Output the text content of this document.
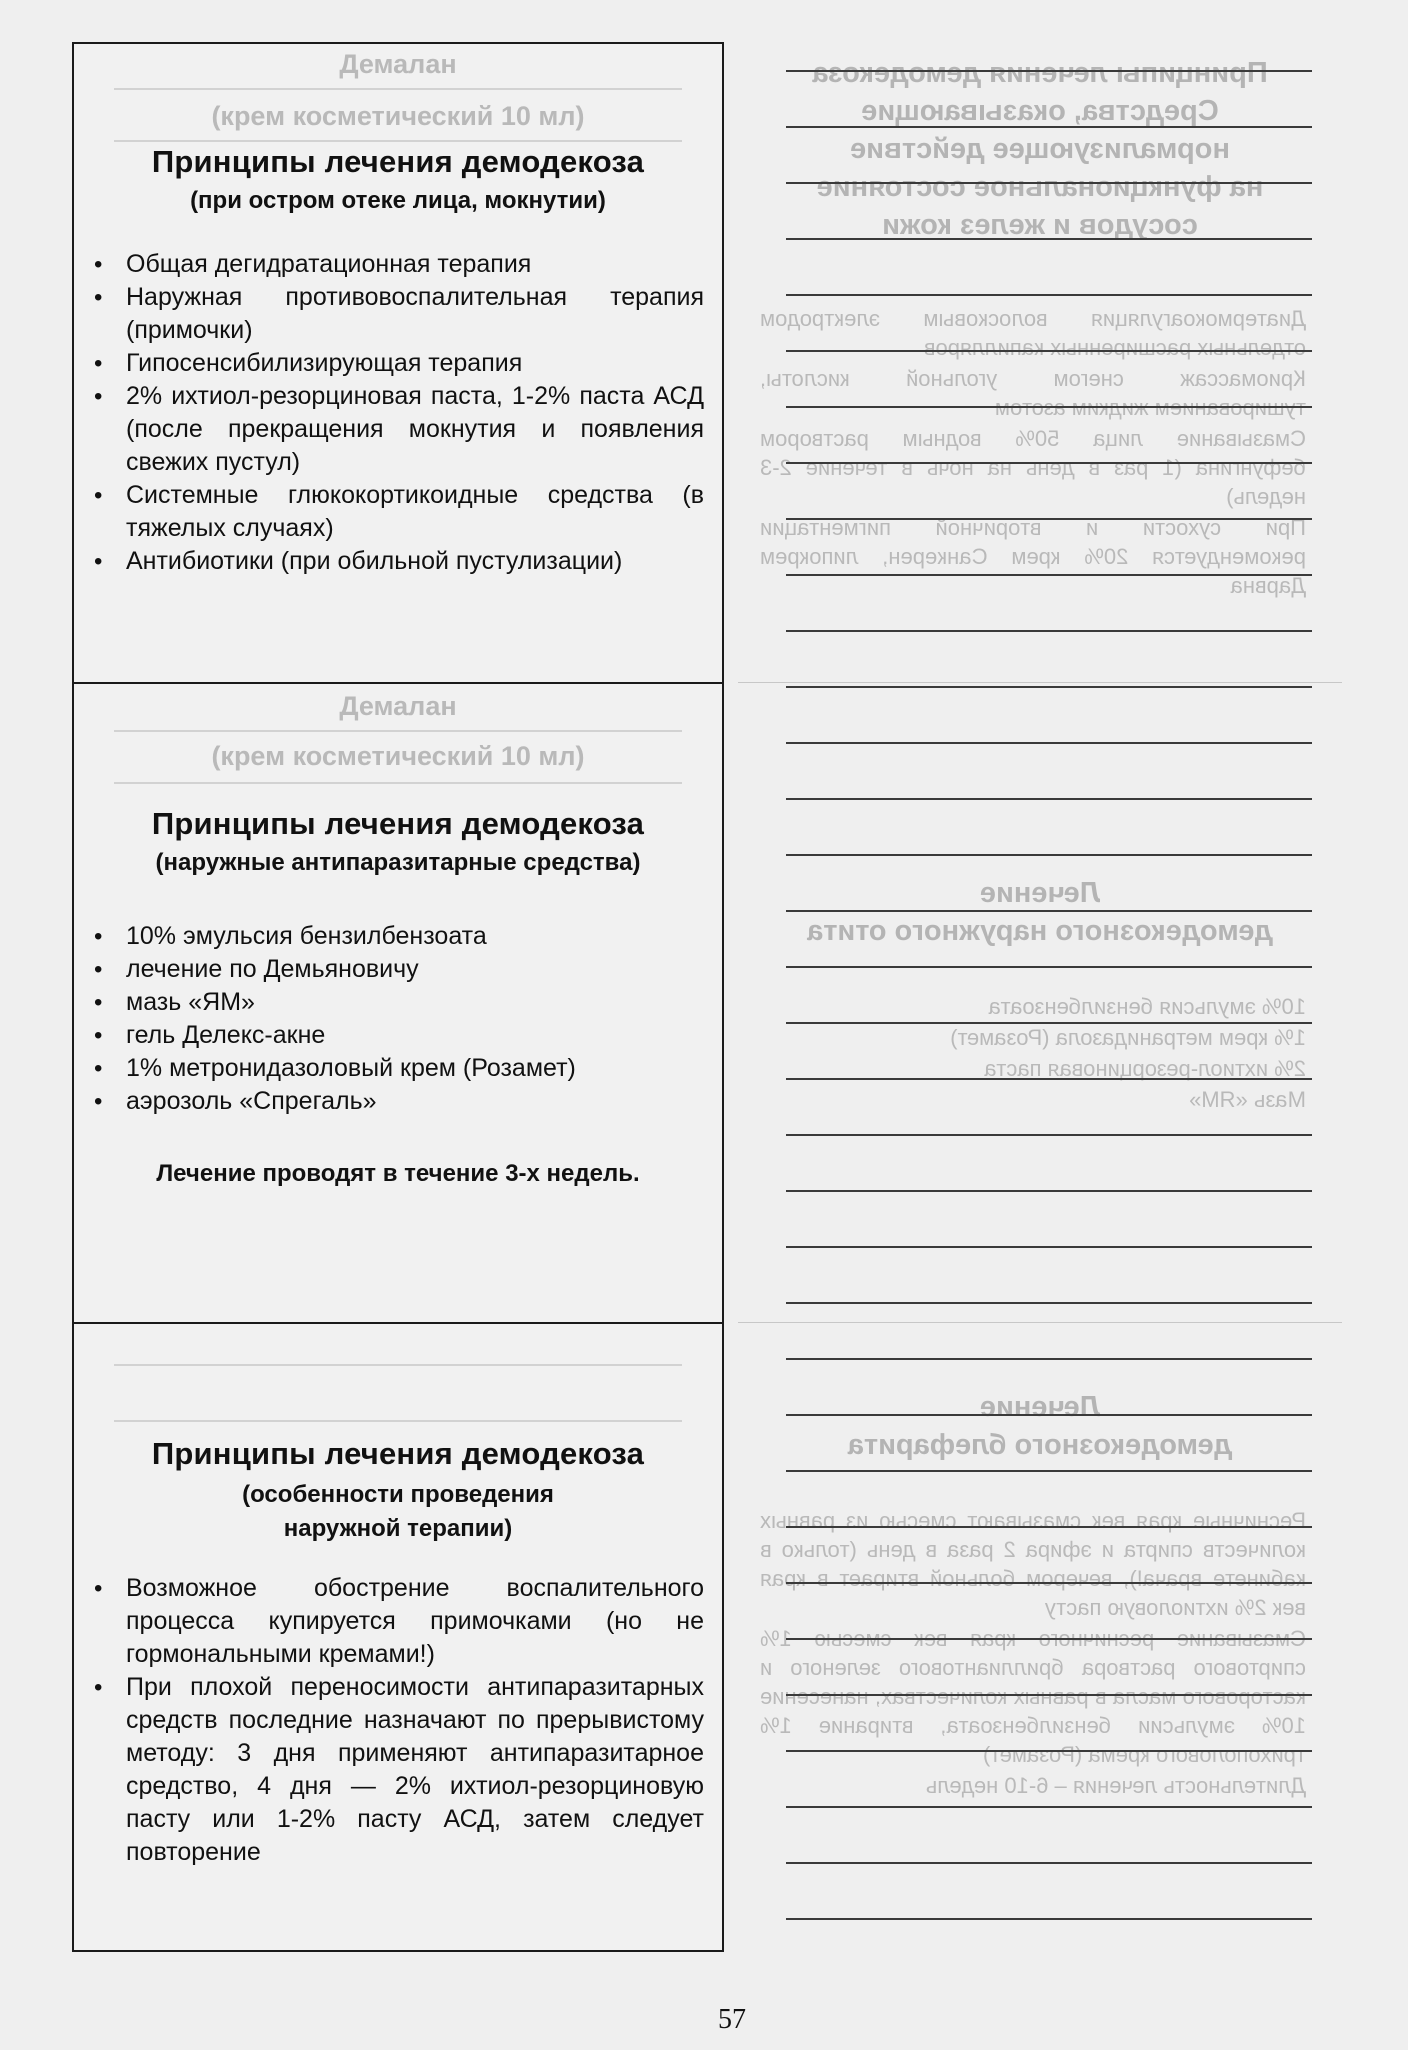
Демалан
(крем косметический 10 мл)
Принципы лечения демодекоза
(при остром отеке лица, мокнутии)
• Общая дегидратационная терапия
• Наружная противовоспалительная терапия (примочки)
• Гипосенсибилизирующая терапия
• 2% ихтиол-резорциновая паста, 1-2% паста АСД (после прекращения мокнутия и появления свежих пустул)
• Системные глюкокортикоидные средства (в тяжелых случаях)
• Антибиотики (при обильной пустулизации)
Демалан
(крем косметический 10 мл)
Принципы лечения демодекоза
(наружные антипаразитарные средства)
• 10% эмульсия бензилбензоата
• лечение по Демьяновичу
• мазь «ЯМ»
• гель Делекс-акне
• 1% метронидазоловый крем (Розамет)
• аэрозоль «Спрегаль»
Лечение проводят в течение 3-х недель.
Принципы лечения демодекоза
(особенности проведения
наружной терапии)
• Возможное обострение воспалительного процесса купируется примочками (но не гормональными кремами!)
• При плохой переносимости антипаразитарных средств последние назначают по прерывистому методу: 3 дня применяют антипаразитарное средство, 4 дня — 2% ихтиол-резорциновую пасту или 1-2% пасту АСД, затем следует повторение
Принципы лечения демодекоза
Средства, оказывающие
нормализующее действие
на функциональное состояние
сосудов и желез кожи

Диатермокоагуляция волосковым электродом отдельных расширенных капилляров

Криомассаж снегом угольной кислоты, тушированием жидким азотом

Смазывание лица 50% водным раствором бефунгина (1 раз в день на ночь в течение 2-3 недель)

При сухости и вторичной пигментации рекомендуется 20% крем Санкерен, липокрем Дарвна

Лечение
демодекозного наружного отита

10% эмульсия бензилбензоата

1% крем метранидазола (Розамет)

2% ихтиол-резорциновая паста

Мазь «ЯМ»

Лечение
демодекозного блефарита

Ресничные края век смазывают смесью из равных количеств спирта и эфира 2 раза в день (только в кабинете врача!), вечером больной втирает в края век 2% ихтиоловую пасту

Смазывание ресничного края век смесью 1% спиртового раствора бриллиантового зеленого и касторового масла в равных количествах, нанесение 10% эмульсии бензилбензоата, втирание 1% трихополового крема (Розамет)

Длительность лечения – 6-10 недель

57
